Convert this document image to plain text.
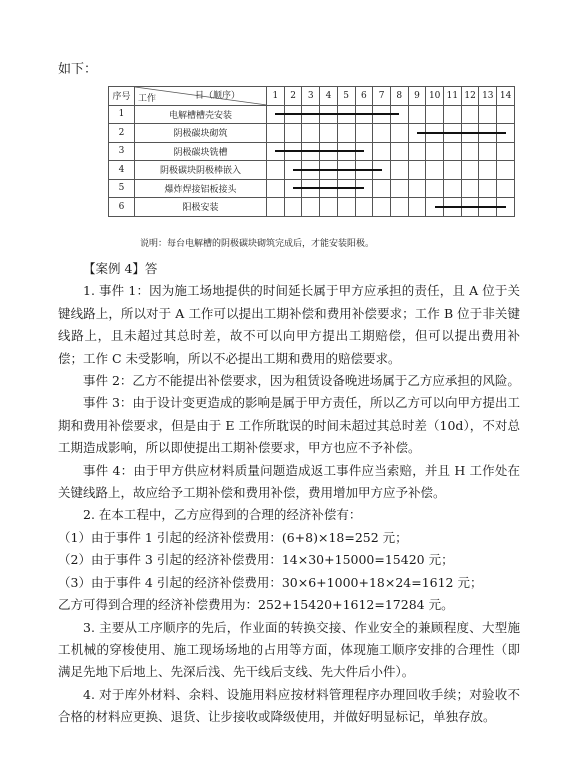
如下：
序号	日（顺序）
工作	1	2	3	4	5	6	7	8	9	10	11	12	13	14
1	电解槽槽壳安装	

2	阴极碳块砌筑									

3	阴极碳块铣槽	

4	阴极碳块阴极棒嵌入		

5	爆炸焊接铝板接头		

6	阳极安装										

说明：每台电解槽的阴极碳块砌筑完成后，才能安装阳极。

【案例 4】答

1. 事件 1：因为施工场地提供的时间延长属于甲方应承担的责任，且 A 位于关键线路上，所以对于 A 工作可以提出工期补偿和费用补偿要求；工作 B 位于非关键线路上，且未超过其总时差，故不可以向甲方提出工期赔偿，但可以提出费用补偿；工作 C 未受影响，所以不必提出工期和费用的赔偿要求。

事件 2：乙方不能提出补偿要求，因为租赁设备晚进场属于乙方应承担的风险。

事件 3：由于设计变更造成的影响是属于甲方责任，所以乙方可以向甲方提出工期和费用补偿要求，但是由于 E 工作所耽误的时间未超过其总时差（10d），不对总工期造成影响，所以即使提出工期补偿要求，甲方也应不予补偿。

事件 4：由于甲方供应材料质量问题造成返工事件应当索赔，并且 H 工作处在关键线路上，故应给予工期补偿和费用补偿，费用增加甲方应予补偿。

2. 在本工程中，乙方应得到的合理的经济补偿有：

（1）由于事件 1 引起的经济补偿费用：(6+8)×18=252 元；

（2）由于事件 3 引起的经济补偿费用：14×30+15000=15420 元；

（3）由于事件 4 引起的经济补偿费用：30×6+1000+18×24=1612 元；

乙方可得到合理的经济补偿费用为：252+15420+1612=17284 元。

3. 主要从工序顺序的先后，作业面的转换交接、作业安全的兼顾程度、大型施工机械的穿梭使用、施工现场场地的占用等方面，体现施工顺序安排的合理性（即满足先地下后地上、先深后浅、先干线后支线、先大件后小件）。

4. 对于库外材料、余料、设施用料应按材料管理程序办理回收手续；对验收不合格的材料应更换、退货、让步接收或降级使用，并做好明显标记，单独存放。
